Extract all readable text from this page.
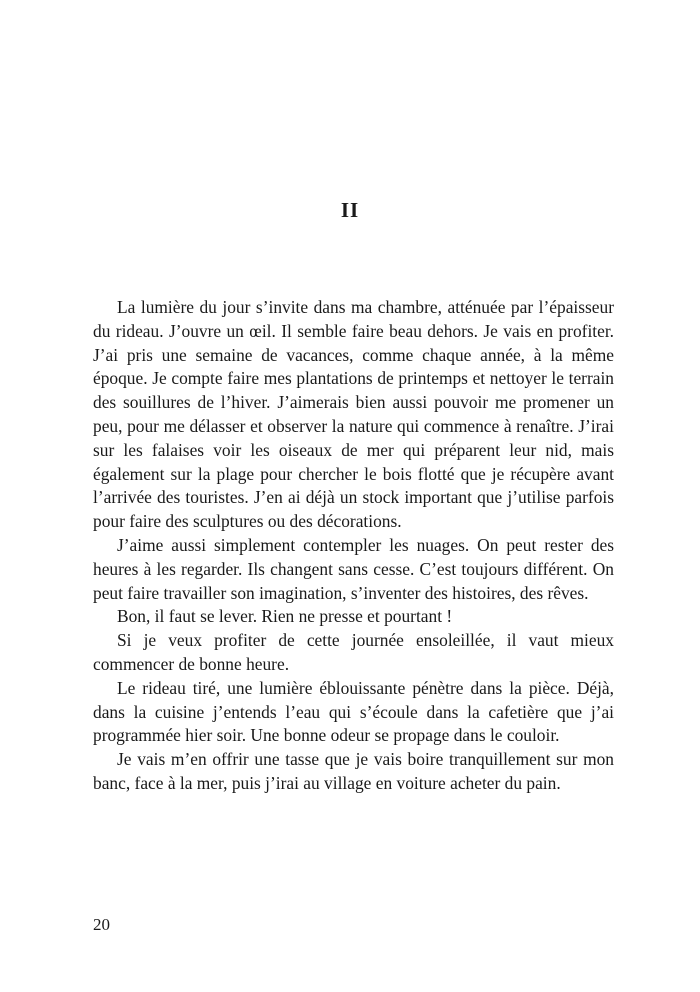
II

La lumière du jour s’invite dans ma chambre, atténuée par l’épaisseur du rideau. J’ouvre un œil. Il semble faire beau dehors. Je vais en profiter. J’ai pris une semaine de vacances, comme chaque année, à la même époque. Je compte faire mes plantations de printemps et nettoyer le terrain des souillures de l’hiver. J’aimerais bien aussi pouvoir me promener un peu, pour me délasser et observer la nature qui commence à renaître. J’irai sur les falaises voir les oiseaux de mer qui préparent leur nid, mais également sur la plage pour chercher le bois flotté que je récupère avant l’arrivée des touristes. J’en ai déjà un stock important que j’utilise parfois pour faire des sculptures ou des décorations.

J’aime aussi simplement contempler les nuages. On peut rester des heures à les regarder. Ils changent sans cesse. C’est toujours différent. On peut faire travailler son imagination, s’inventer des histoires, des rêves.

Bon, il faut se lever. Rien ne presse et pourtant !

Si je veux profiter de cette journée ensoleillée, il vaut mieux commencer de bonne heure.

Le rideau tiré, une lumière éblouissante pénètre dans la pièce. Déjà, dans la cuisine j’entends l’eau qui s’écoule dans la cafetière que j’ai programmée hier soir. Une bonne odeur se propage dans le couloir.

Je vais m’en offrir une tasse que je vais boire tranquillement sur mon banc, face à la mer, puis j’irai au village en voiture acheter du pain.

20
